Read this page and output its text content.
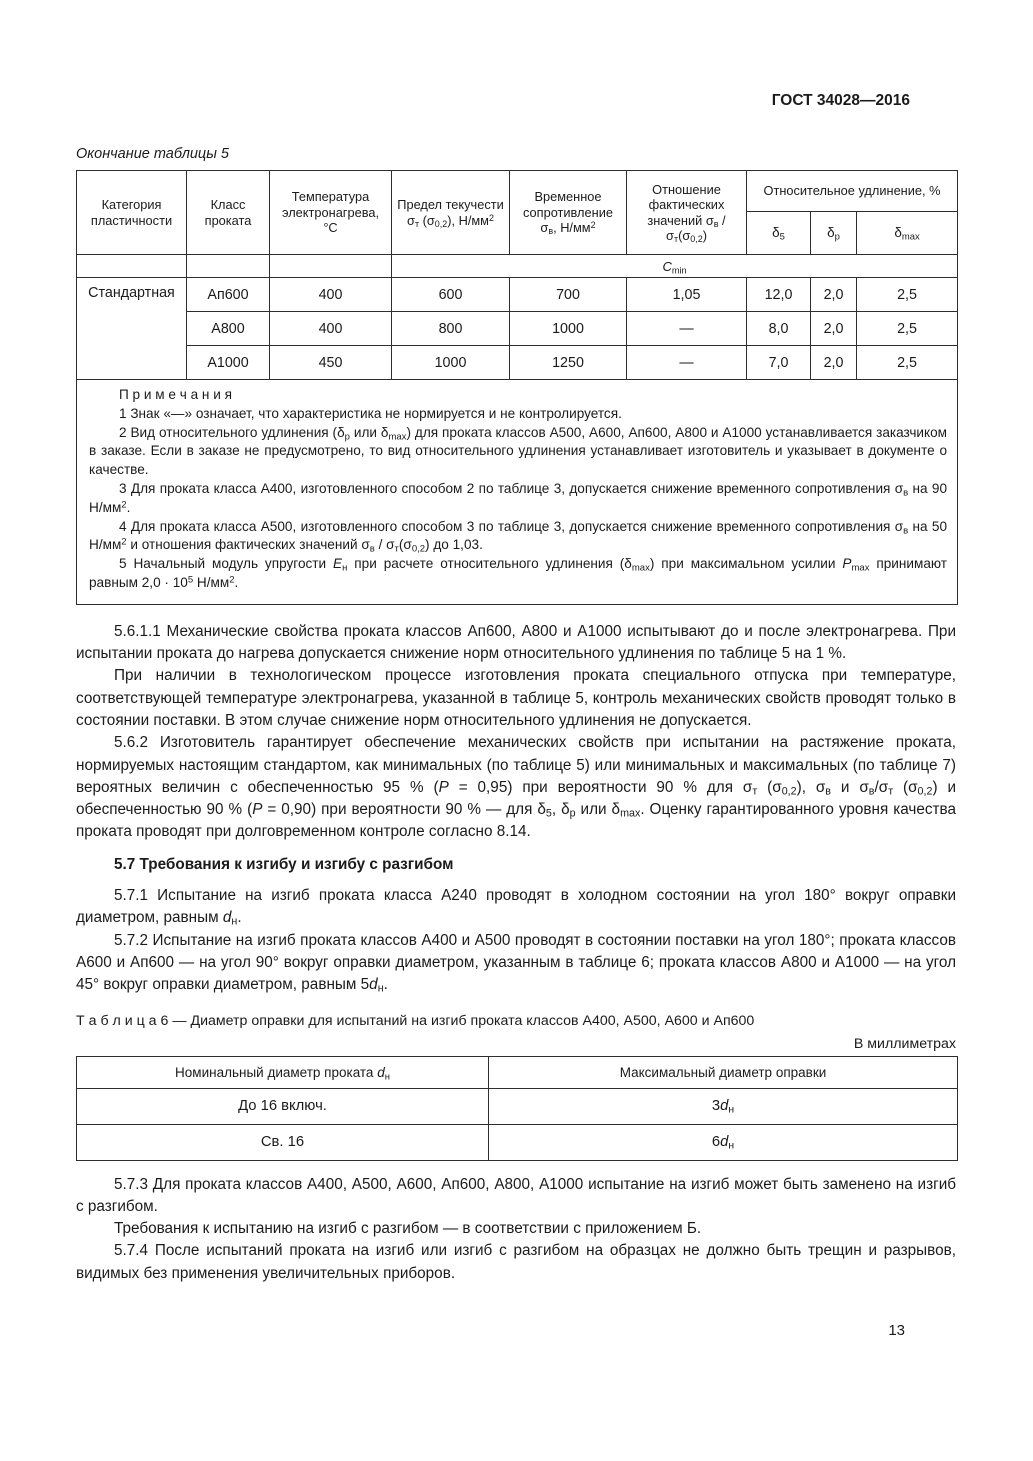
ГОСТ 34028—2016
Окончание таблицы 5
Категория пластичности	Класс проката	Температура электронагрева, °С	Предел текучести $\sigma_т$ $(\sigma_{0,2})$, $Н/мм^2$	Временное сопротивление $\sigma_в$, $Н/мм^2$	Отношение фактических значений $\sigma_в / \sigma_т(\sigma_{0,2})$	Относительное удлинение, %		
						$\delta_5$	$\delta_р$	$\delta_{max}$
			$С_{min}$
Стандартная	Ап600	400	600	700	1,05	12,0	2,0	2,5
	А800	400	800	1000	—	8,0	2,0	2,5
	А1000	450	1000	1250	—	7,0	2,0	2,5

П р и м е ч а н и я
1 Знак «—» означает, что характеристика не нормируется и не контролируется.
2 Вид относительного удлинения ($\delta_р$ или $\delta_{max}$) для проката классов А500, А600, Ап600, А800 и А1000 устанавливается заказчиком в заказе. Если в заказе не предусмотрено, то вид относительного удлинения устанавливает изготовитель и указывает в документе о качестве.
3 Для проката класса А400, изготовленного способом 2 по таблице 3, допускается снижение временного сопротивления $\sigma_в$ на 90 $Н/мм^2$.
4 Для проката класса А500, изготовленного способом 3 по таблице 3, допускается снижение временного сопротивления $\sigma_в$ на 50 $Н/мм^2$ и отношения фактических значений $\sigma_в / \sigma_т(\sigma_{0,2})$ до 1,03.
5 Начальный модуль упругости $Е_н$ при расчете относительного удлинения $(\delta_{max})$ при максимальном усилии $Р_{max}$ принимают равным $2,0 \cdot 10^5$ $Н/мм^2$.

5.6.1.1 Механические свойства проката классов Ап600, А800 и А1000 испытывают до и после электронагрева. При испытании проката до нагрева допускается снижение норм относительного удлинения по таблице 5 на 1 %.

При наличии в технологическом процессе изготовления проката специального отпуска при температуре, соответствующей температуре электронагрева, указанной в таблице 5, контроль механических свойств проводят только в состоянии поставки. В этом случае снижение норм относительного удлинения не допускается.

5.6.2 Изготовитель гарантирует обеспечение механических свойств при испытании на растяжение проката, нормируемых настоящим стандартом, как минимальных (по таблице 5) или минимальных и максимальных (по таблице 7) вероятных величин с обеспеченностью 95 % (P = 0,95) при вероятности 90 % для $\sigma_т$ $(\sigma_{0,2})$, $\sigma_в$ и $\sigma_в/\sigma_т$ $(\sigma_{0,2})$ и обеспеченностью 90 % (P = 0,90) при вероятности 90 % — для $\delta_5$, $\delta_р$ или $\delta_{max}$. Оценку гарантированного уровня качества проката проводят при долговременном контроле согласно 8.14.

5.7 Требования к изгибу и изгибу с разгибом

5.7.1 Испытание на изгиб проката класса А240 проводят в холодном состоянии на угол 180° вокруг оправки диаметром, равным $d_н$.

5.7.2 Испытание на изгиб проката классов А400 и А500 проводят в состоянии поставки на угол 180°; проката классов А600 и Ап600 — на угол 90° вокруг оправки диаметром, указанным в таблице 6; проката классов А800 и А1000 — на угол 45° вокруг оправки диаметром, равным $5d_н$.

Т а б л и ц а 6 — Диаметр оправки для испытаний на изгиб проката классов А400, А500, А600 и Ап600

В миллиметрах

Номинальный диаметр проката $d_н$	Максимальный диаметр оправки
До 16 включ.	$3d_н$
Св. 16	$6d_н$

5.7.3 Для проката классов А400, А500, А600, Ап600, А800, А1000 испытание на изгиб может быть заменено на изгиб с разгибом.

Требования к испытанию на изгиб с разгибом — в соответствии с приложением Б.

5.7.4 После испытаний проката на изгиб или изгиб с разгибом на образцах не должно быть трещин и разрывов, видимых без применения увеличительных приборов.

13
